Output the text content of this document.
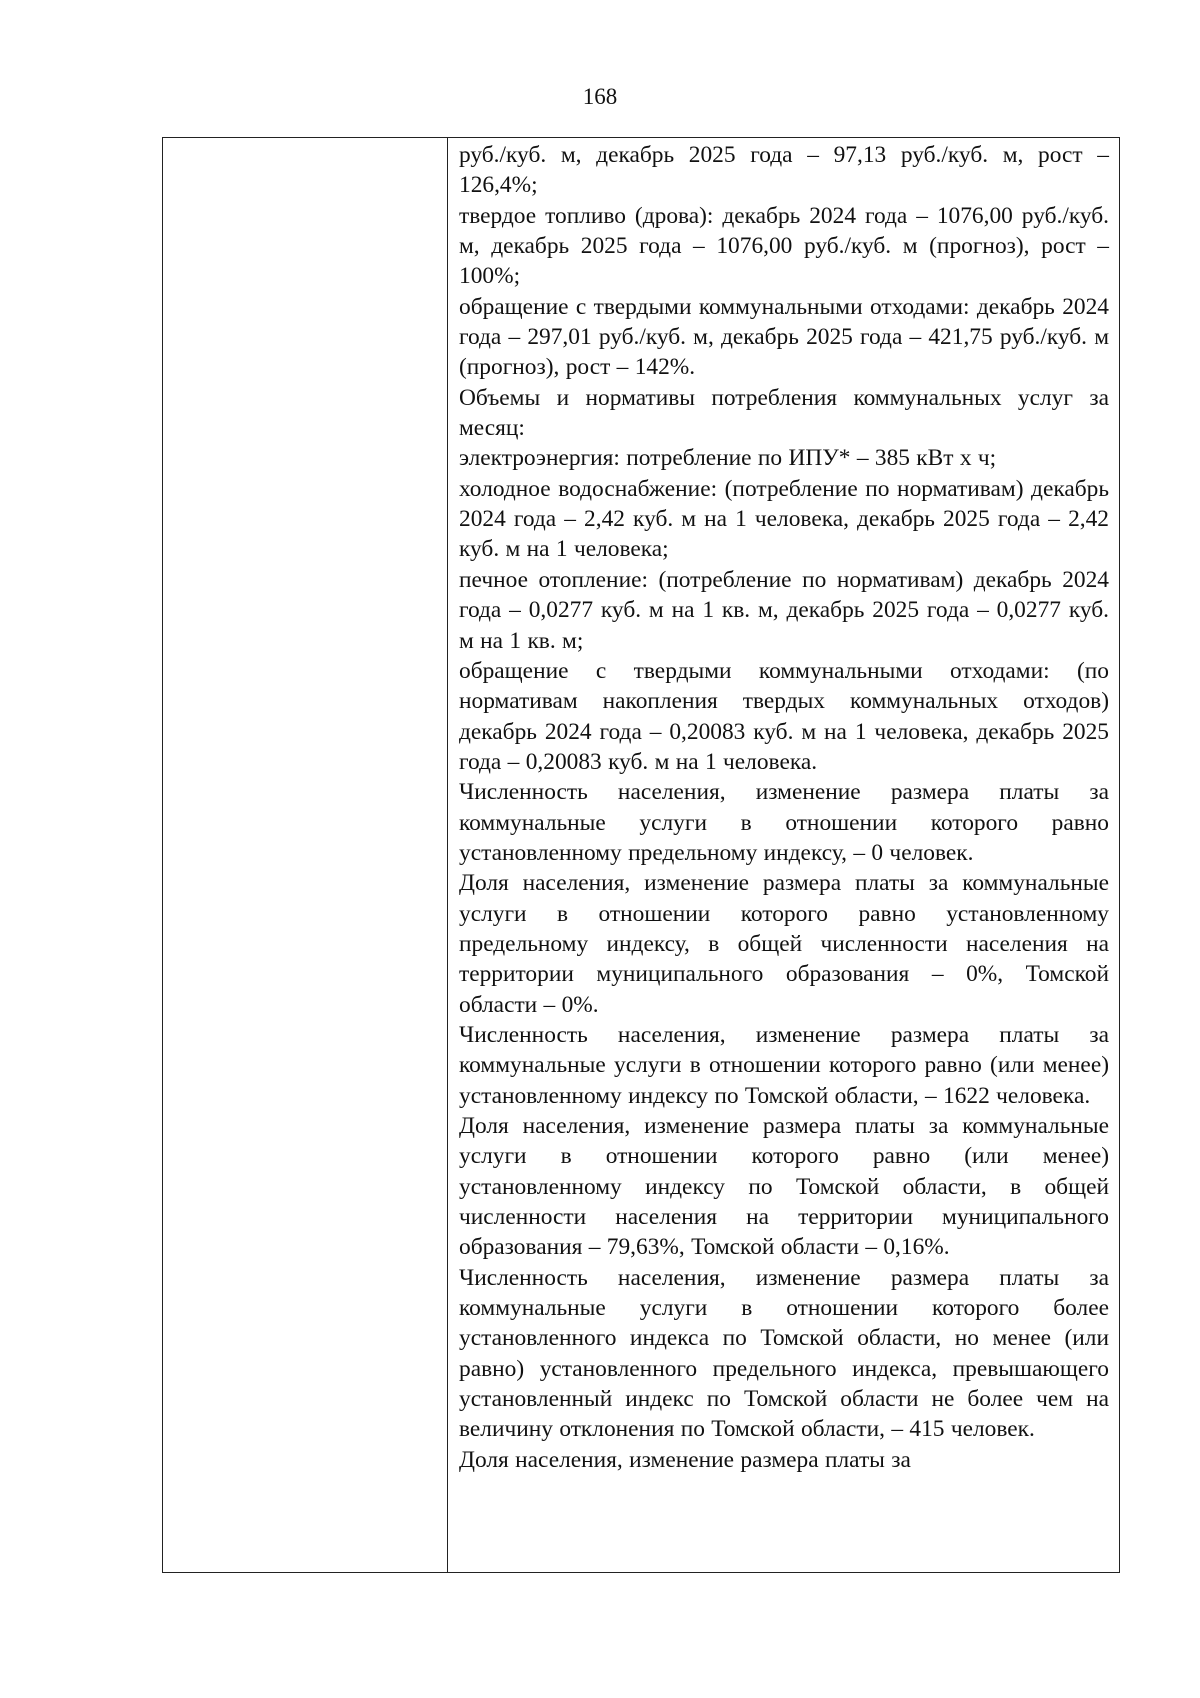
168

руб./куб. м, декабрь 2025 года – 97,13 руб./куб. м, рост – 126,4%;

твердое топливо (дрова): декабрь 2024 года – 1076,00 руб./куб. м, декабрь 2025 года – 1076,00 руб./куб. м (прогноз), рост – 100%;

обращение с твердыми коммунальными отходами: декабрь 2024 года – 297,01 руб./куб. м, декабрь 2025 года – 421,75 руб./куб. м (прогноз), рост – 142%.

Объемы и нормативы потребления коммунальных услуг за месяц:

электроэнергия: потребление по ИПУ* – 385 кВт х ч;

холодное водоснабжение: (потребление по нормативам) декабрь 2024 года – 2,42 куб. м на 1 человека, декабрь 2025 года – 2,42 куб. м на 1 человека;

печное отопление: (потребление по нормативам) декабрь 2024 года – 0,0277 куб. м на 1 кв. м, декабрь 2025 года – 0,0277 куб. м на 1 кв. м;

обращение с твердыми коммунальными отходами: (по нормативам накопления твердых коммунальных отходов) декабрь 2024 года – 0,20083 куб. м на 1 человека, декабрь 2025 года – 0,20083 куб. м на 1 человека.

Численность населения, изменение размера платы за коммунальные услуги в отношении которого равно установленному предельному индексу, – 0 человек.

Доля населения, изменение размера платы за коммунальные услуги в отношении которого равно установленному предельному индексу, в общей численности населения на территории муниципального образования – 0%, Томской области – 0%.

Численность населения, изменение размера платы за коммунальные услуги в отношении которого равно (или менее) установленному индексу по Томской области, – 1622 человека.

Доля населения, изменение размера платы за коммунальные услуги в отношении которого равно (или менее) установленному индексу по Томской области, в общей численности населения на территории муниципального образования – 79,63%, Томской области – 0,16%.

Численность населения, изменение размера платы за коммунальные услуги в отношении которого более установленного индекса по Томской области, но менее (или равно) установленного предельного индекса, превышающего установленный индекс по Томской области не более чем на величину отклонения по Томской области, – 415 человек.

Доля населения, изменение размера платы за
